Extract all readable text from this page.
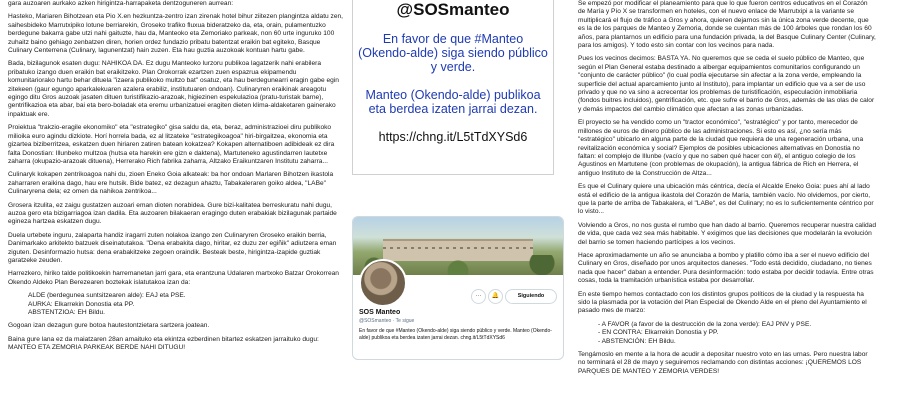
gara auzoaren aurkako azken hirigintza-harrapaketa dentzoguneren aurrean:

Hasteko, Mariaren Bihotzean eta Pio X.en hezkuntza-zentro izan zirenak hotel bihur ziitezen plangintza aldatu zen, saihesbideko Marrutxipiko lotune berriarekin, Groseko trafiko fluxua bideratzeko da, eta, orain, pulamentuzko berdegune bakarra gabe utzi nahi gaituzte, hau da, Manteoko eta Zemoriako parkeak, non 60 urte inguruko 100 zuhaitz baino gehiago zenbatzen diren, horien ordez fundazio pribatu batentzat eraikin bat egiteko, Basque Culinary Centerrena (Culinary, lagunentzat) hain zuzen. Eta hau guztia auzokoak kontuan hartu gabe.

Bada, bizilagunok esaten dugu: NAHIKOA DA. Ez dugu Manteoko lurzoru publikoa lagatzerik nahi erabilera pribatuko izango duen eraikin bat eraikitzeko. Plan Orokorrak ezartzen zuen espazrua ekipamendu komunitariorako hartu behar dituela "izaera publikoko multzo bat" osatuz, eta hau berdegunearri eragin gabe egin zitekeen (gaur egungo aparkalekuaren azalera erabiliz, institutuaren ondoan). Culinaryren eraikinak areagotu egingo ditu Gros auzoak jasaten dituen turistifikazio-arazoak, higiezinen espekulazioa (pratu-turistak barne), gentrifikazioa eta abar, bai eta bero-boladak eta eremu urbanizatuei eragiten dieten klima-aldaketaren gainerako inpaktuak ere.

Proiektua "trakzio-eragile ekonomiko" eta "estrategiko" gisa saldu da, eta, beraz, administrazioei diru publikoko milioika euro agindu dizkiote. Horí horrela bada, ez al litzateke "estrategikoagoa" hiri-birgaitzea, ekonomia eta gizartea biziberritzea, eskatzen duen hiriaren zatiren batean kokatzea? Kokapen alternatiboen adibideak ez dira falta Donostian: Illunbeko multzoa (hutsa eta harekin ere gizn e daktena), Martuteneko agustindarren lautetxe zaharra (okupazio-arazoak dituena), Herrerako Rich fabrika zaharra, Altzako Eraikuntzaren Institutu zaharra...

Culinaryk kokapen zentrikoagoa nahi du, zioen Eneko Goia alkateak: ba hor ondoan Marlaren Bihotzen ikastola zaharraren eraikina dago, hau ere hutsik. Bide batez, ez dezagun ahaztu, Tabakaleraren goiko aldea, "LABe" Culinaryrena dela; ez omen da nahikoa zentrikoa...

Grosera itzulita, ez zaigu gustatzen auzoari eman dioten norabidea. Gure bizi-kalitatea berreskuratu nahi dugu, auzoa gero eta bizigarriagoa izan dadila. Eta auzoaren bilakaeran eragingo duten erabakiak bizilagunak partaide egineza hartzea eskatzen dugu.

Duela urtebete inguru, zalaparta handiz iragarri zuten nolakoa izango zen Culinaryren Groseko eraikin berria, Danimarkako arkitekto batzuek diseinatutakoa. "Dena erabakita dago, hiritar, ez duzu zer egiñik" adiutzera eman ziguten. Desinformazio hutsa: dena erabakitzeke zegoen oraindik. Besteak beste, hirigintza-izapide guztiak garatzeke zeuden.

Harrezkero, hiriko talde politikoekin harremanetan jarri gara, eta erantzuna Udalaren martxoko Batzar Orokorrean Okendo Aldeko Plan Berezearen boztekak islatutakoa izan da:

ALDE (berdegunea suntsitzearen alde): EAJ eta PSE.
AURKA: Elkarrekin Donostia eta PP.
ABSTENTZIOA: EH Bildu.

Gogoan izan dezagun gure botoa hautestontzietara sartzera joatean.

Baina gure lana ez da maiatzaren 28an amaituko eta ekintza ezberdinen bitartez eskatzen jarraituko dugu: MANTEO ETA ZEMORIA PARKEAK BERDE NAHI DITUGU!

@SOSmanteo
En favor de que #Manteo (Okendo-alde) siga siendo público y verde.
Manteo (Okendo-alde) publikoa eta berdea izaten jarrai dezan.
https://chng.it/L5tTdXYSd6
···	🔔	Siguiendo
SOS Manteo
@SOSmanteo · Te sigue
En favor de que #Manteo (Okendo-alde) siga siendo público y verde. Manteo (Okendo-alde) publikoa eta berdea izaten jarrai dezan. chng.it/L5tTdXYSd6

Se empezó por modificar el planeamiento para que lo que fueron centros educativos en el Corazón de María y Pío X se transformen en hoteles, con el nuevo enlace de Marrutxipi a la variante se multiplicará el flujo de tráfico a Gros y ahora, quieren dejarnos sin la única zona verde decente, que es la de los parques de Manteo y Zemoria, donde se cuentan más de 100 árboles que rondan los 60 años, para plantarnos un edificio para una fundación privada, la del Basque Culinary Center (Culinary, para los amigos). Y todo esto sin contar con los vecinos para nada.

Pues los vecinos decimos: BASTA YA. No queremos que se ceda el suelo público de Manteo, que según el Plan General estaba destinado a albergar equipamientos comunitarios configurando un "conjunto de carácter público" (lo cual podía ejecutarse sin afectar a la zona verde, empleando la superficie del actual aparcamiento junto al Instituto), para implantar un edificio que va a ser de uso privado y que no va sino a acrecentar los problemas de turistificación, especulación inmobiliaria (fondos buitres incluidos), gentrificación, etc. que sufre el barrio de Gros, además de las olas de calor y demás impactos del cambio climático que afectan a las zonas urbanizadas.

El proyecto se ha vendido como un "tractor económico", "estratégico" y por tanto, merecedor de millones de euros de dinero público de las administraciones. Si esto es así, ¿no sería más "estratégico" ubicarlo en alguna parte de la ciudad que requiera de una regeneración urbana, una revitalización económica y social? Ejemplos de posibles ubicaciones alternativas en Donostia no faltan: el complejo de Illunbe (vacío y que no saben qué hacer con él), el antiguo colegio de los Agustinos en Martutene (con problemas de okupación), la antigua fábrica de Rich en Herrera, el antiguo Instituto de la Construcción de Altza...

Es que el Culinary quiere una ubicación más céntrica, decía el Alcalde Eneko Goia: pues ahí al lado está el edificio de la antigua ikastola del Corazón de María, también vacío. No olvidemos, por cierto, que la parte de arriba de Tabakalera, el "LABe", es del Culinary; no es lo suficientemente céntrico por lo visto...

Volviendo a Gros, no nos gusta el rumbo que han dado al barrio. Queremos recuperar nuestra calidad de vida, que cada vez sea más habitable. Y exigimos que las decisiones que modelarán la evolución del barrio se tomen haciendo partícipes a los vecinos.

Hace aproximadamente un año se anunciaba a bombo y platillo cómo iba a ser el nuevo edificio del Culinary en Gros, diseñado por unos arquitectos daneses. "Todo está decidido, ciudadano, no tienes nada que hacer" daban a entender. Pura desinformación: todo estaba por decidir todavía. Entre otras cosas, toda la tramitación urbanística estaba por desarrollar.

En este tiempo hemos contactado con los distintos grupos políticos de la ciudad y la respuesta ha sido la plasmada por la votación del Plan Especial de Okendo Alde en el pleno del Ayuntamiento el pasado mes de marzo:

- A FAVOR (a favor de la destrucción de la zona verde): EAJ PNV y PSE.
- EN CONTRA: Elkarrekin Donostia y PP.
- ABSTENCIÓN: EH Bildu.

Tengámoslo en mente a la hora de acudir a depositar nuestro voto en las urnas. Pero nuestra labor no terminará el 28 de mayo y seguiremos reclamando con distintas acciones: ¡QUEREMOS LOS PARQUES DE MANTEO Y ZEMORIA VERDES!
